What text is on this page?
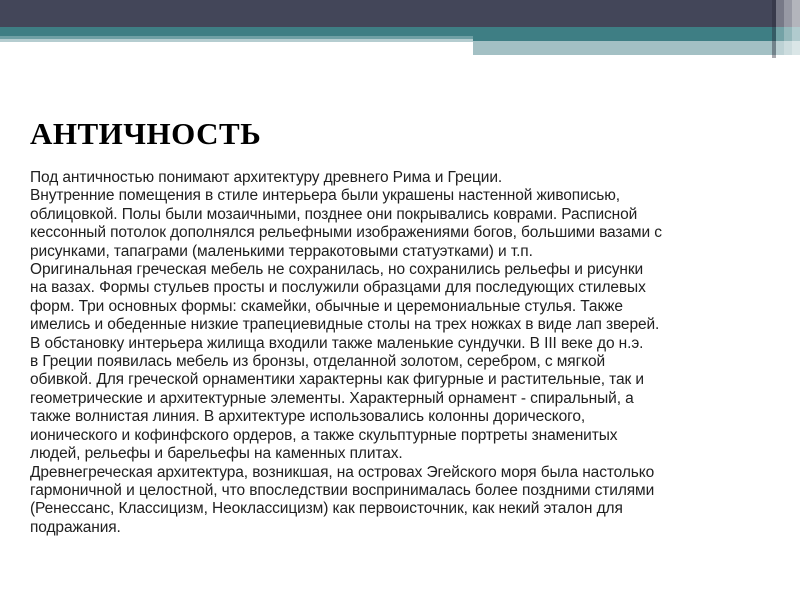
АНТИЧНОСТЬ
Под античностью понимают архитектуру древнего Рима и Греции.
Внутренние помещения в стиле интерьера были украшены настенной живописью,
облицовкой. Полы были мозаичными, позднее они покрывались коврами. Расписной
кессонный потолок дополнялся рельефными изображениями богов, большими вазами с
рисунками, тапаграми (маленькими терракотовыми статуэтками) и т.п.
Оригинальная греческая мебель не сохранилась, но сохранились рельефы и рисунки
на вазах. Формы стульев просты и послужили образцами для последующих стилевых
форм. Три основных формы: скамейки, обычные и церемониальные стулья. Также
имелись и обеденные низкие трапециевидные столы на трех ножках в виде лап зверей.
В обстановку интерьера жилища входили также маленькие сундучки. В III веке до н.э.
в Греции появилась мебель из бронзы, отделанной золотом, серебром, с мягкой
обивкой. Для греческой орнаментики характерны как фигурные и растительные, так и
геометрические и архитектурные элементы. Характерный орнамент - спиральный, а
также волнистая линия. В архитектуре использовались колонны дорического,
ионического и кофинфского ордеров, а также скульптурные портреты знаменитых
людей, рельефы и барельефы на каменных плитах.
Древнегреческая архитектура, возникшая, на островах Эгейского моря была настолько
гармоничной и целостной, что впоследствии воспринималась более поздними стилями
(Ренессанс, Классицизм, Неоклассицизм) как первоисточник, как некий эталон для
подражания.
